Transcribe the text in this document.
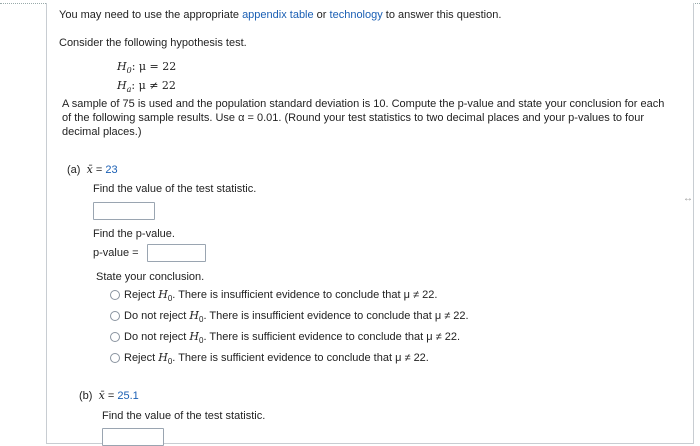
You may need to use the appropriate appendix table or technology to answer this question.
Consider the following hypothesis test.
$H_0$: μ = 22
$H_a$: μ ≠ 22
A sample of 75 is used and the population standard deviation is 10. Compute the p-value and state your conclusion for each of the following sample results. Use α = 0.01. (Round your test statistics to two decimal places and your p-values to four decimal places.)
(a) x̄ = 23
Find the value of the test statistic.
Find the p-value.
p-value =
State your conclusion.
Reject $H_0$. There is insufficient evidence to conclude that μ ≠ 22.
Do not reject $H_0$. There is insufficient evidence to conclude that μ ≠ 22.
Do not reject $H_0$. There is sufficient evidence to conclude that μ ≠ 22.
Reject $H_0$. There is sufficient evidence to conclude that μ ≠ 22.
(b) x̄ = 25.1
Find the value of the test statistic.
↔
